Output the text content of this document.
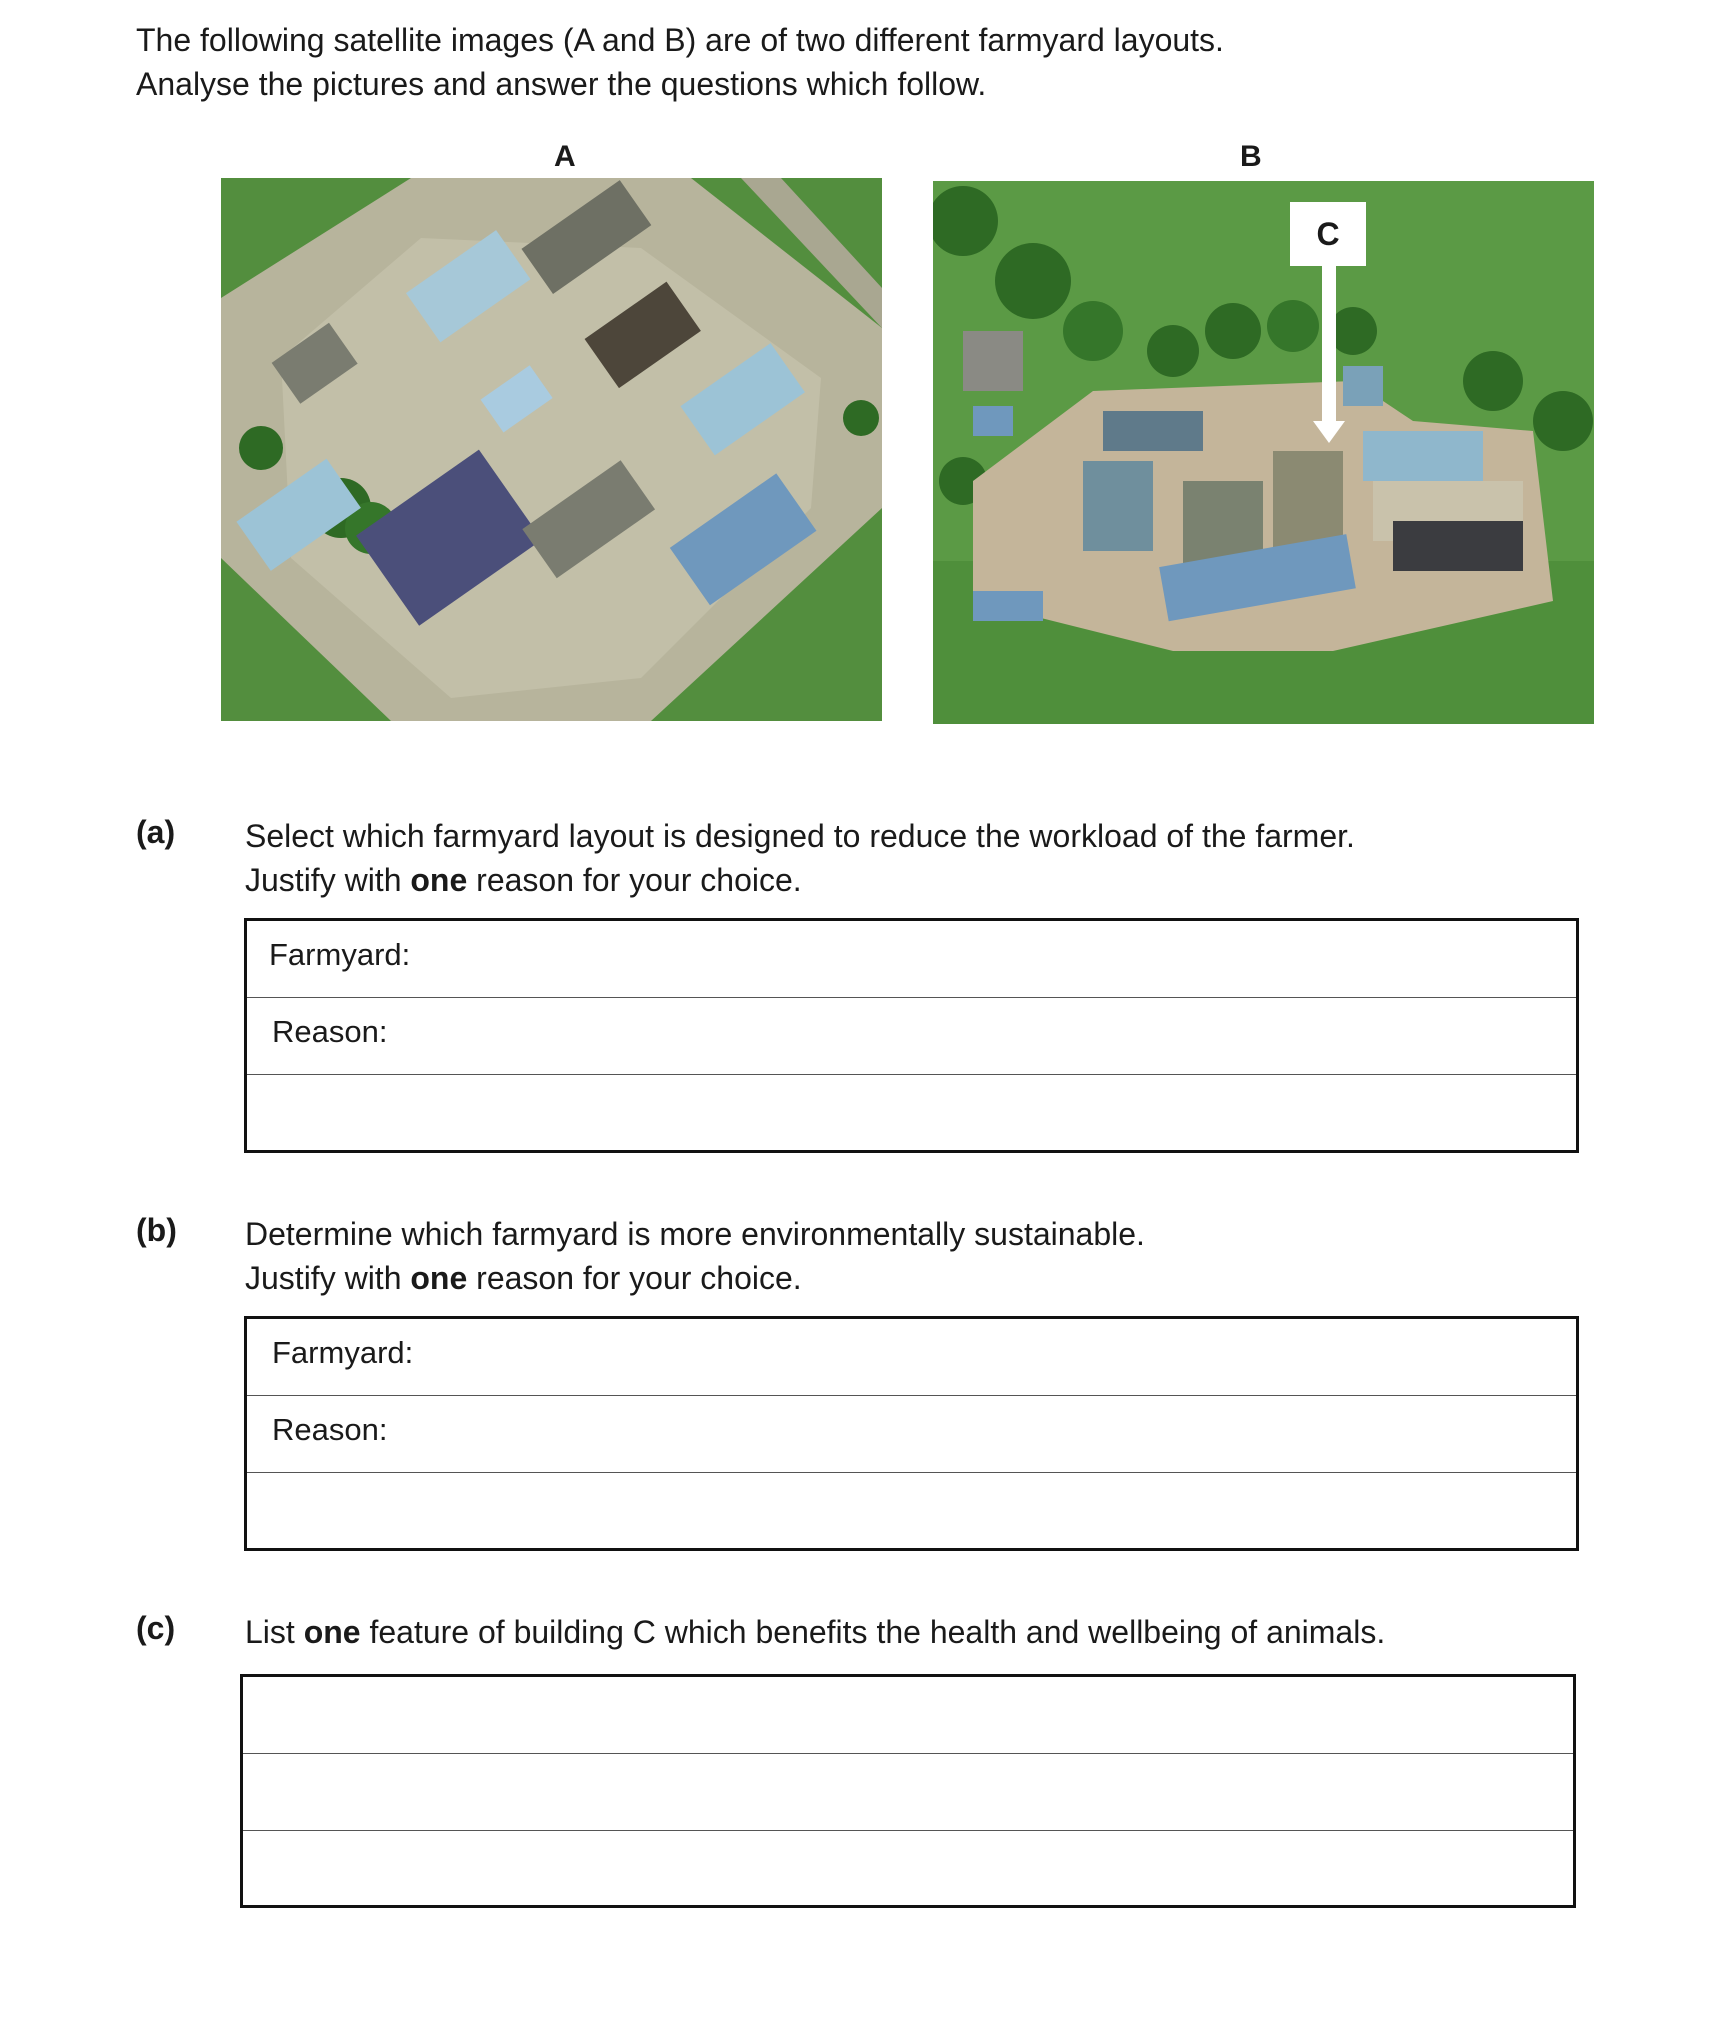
The following satellite images (A and B) are of two different farmyard layouts.

Analyse the pictures and answer the questions which follow.

A	B
C
(a) Select which farmyard layout is designed to reduce the workload of the farmer.

Justify with one reason for your choice.

Farmyard:
Reason:
(b) Determine which farmyard is more environmentally sustainable.

Justify with one reason for your choice.

Farmyard:
Reason:
(c) List one feature of building C which benefits the health and wellbeing of animals.
